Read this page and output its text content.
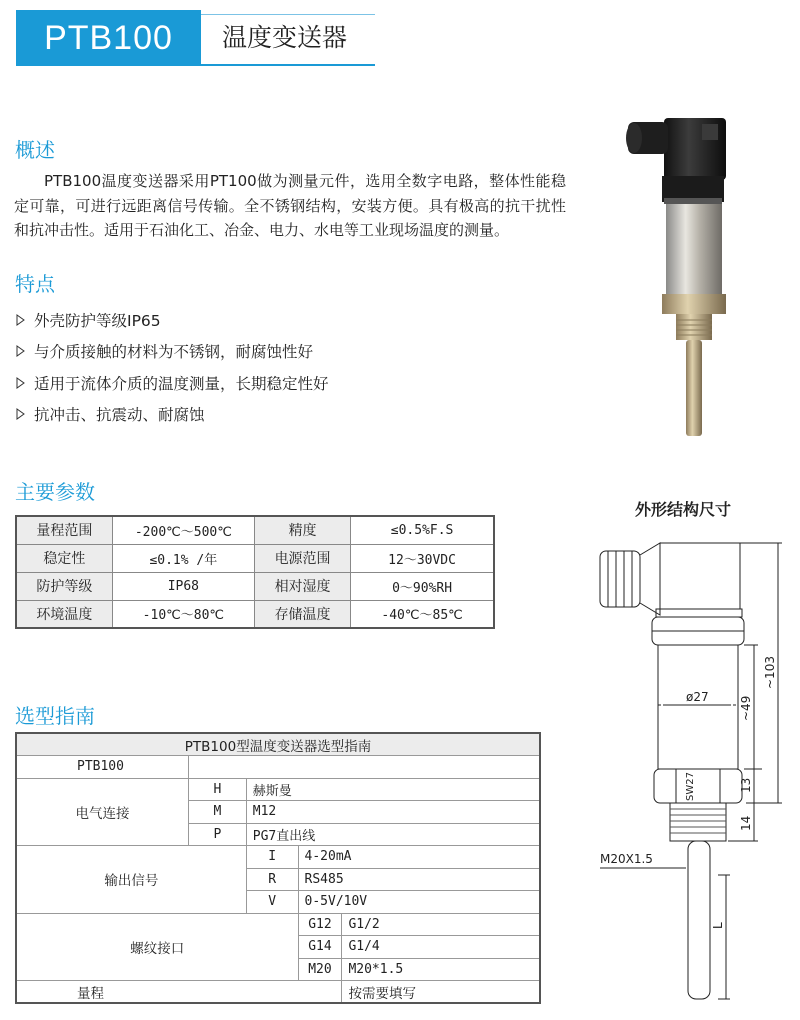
PTB100 温度变送器
概述
PTB100温度变送器采用PT100做为测量元件，选用全数字电路，整体性能稳定可靠，可进行远距离信号传输。全不锈钢结构，安装方便。具有极高的抗干扰性和抗冲击性。适用于石油化工、冶金、电力、水电等工业现场温度的测量。
特点
外壳防护等级IP65
与介质接触的材料为不锈钢，耐腐蚀性好
适用于流体介质的温度测量，长期稳定性好
抗冲击、抗震动、耐腐蚀
主要参数
量程范围	-200℃～500℃	精度	≤0.5%F.S
稳定性	≤0.1% /年	电源范围	12～30VDC
防护等级	IP68	相对湿度	0～90%RH
环境温度	-10℃～80℃	存储温度	-40℃～85℃
选型指南
PTB100型温度变送器选型指南				
PTB100				
电气连接	H	赫斯曼		
	M	M12		
	P	PG7直出线		
输出信号		I	4-20mA	
		R	RS485	
		V	0-5V/10V	
螺纹接口			G12	G1/2
			G14	G1/4
			M20	M20*1.5
量程				按需要填写
外形结构尺寸
ø27	~49
~103
13
14
SW27
M20X1.5
L
